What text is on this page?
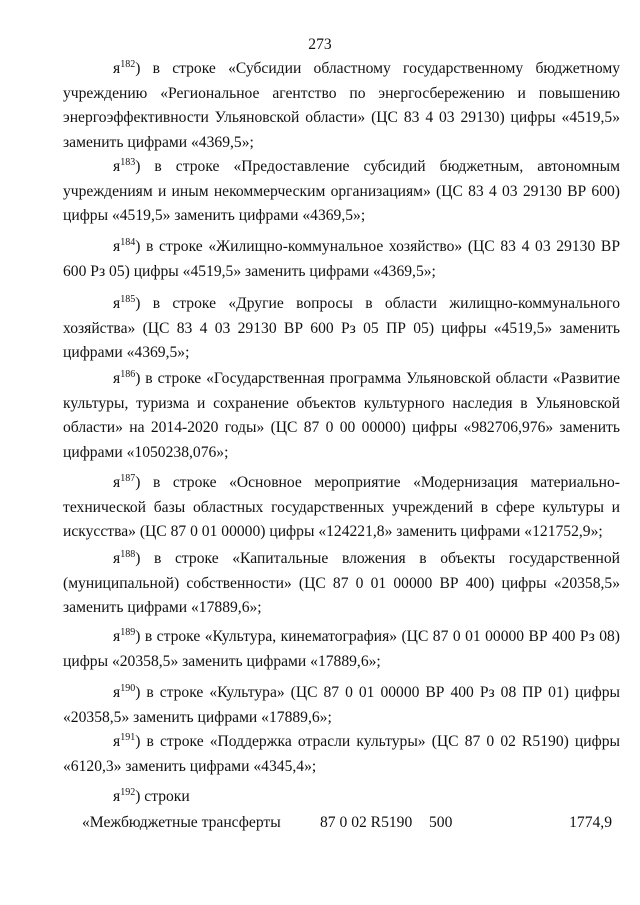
273

$я^{182}$) в строке «Субсидии областному государственному бюджетному учреждению «Региональное агентство по энергосбережению и повышению энергоэффективности Ульяновской области» (ЦС 83 4 03 29130) цифры «4519,5» заменить цифрами «4369,5»;

$я^{183}$) в строке «Предоставление субсидий бюджетным, автономным учреждениям и иным некоммерческим организациям» (ЦС 83 4 03 29130 ВР 600) цифры «4519,5» заменить цифрами «4369,5»;

$я^{184}$) в строке «Жилищно-коммунальное хозяйство» (ЦС 83 4 03 29130 ВР 600 Рз 05) цифры «4519,5» заменить цифрами «4369,5»;

$я^{185}$) в строке «Другие вопросы в области жилищно-коммунального хозяйства» (ЦС 83 4 03 29130 ВР 600 Рз 05 ПР 05) цифры «4519,5» заменить цифрами «4369,5»;

$я^{186}$) в строке «Государственная программа Ульяновской области «Развитие культуры, туризма и сохранение объектов культурного наследия в Ульяновской области» на 2014-2020 годы» (ЦС 87 0 00 00000) цифры «982706,976» заменить цифрами «1050238,076»;

$я^{187}$) в строке «Основное мероприятие «Модернизация материально-технической базы областных государственных учреждений в сфере культуры и искусства» (ЦС 87 0 01 00000) цифры «124221,8» заменить цифрами «121752,9»;

$я^{188}$) в строке «Капитальные вложения в объекты государственной (муниципальной) собственности» (ЦС 87 0 01 00000 ВР 400) цифры «20358,5» заменить цифрами «17889,6»;

$я^{189}$) в строке «Культура, кинематография» (ЦС 87 0 01 00000 ВР 400 Рз 08) цифры «20358,5» заменить цифрами «17889,6»;

$я^{190}$) в строке «Культура» (ЦС 87 0 01 00000 ВР 400 Рз 08 ПР 01) цифры «20358,5» заменить цифрами «17889,6»;

$я^{191}$) в строке «Поддержка отрасли культуры» (ЦС 87 0 02 R5190) цифры «6120,3» заменить цифрами «4345,4»;

$я^{192}$) строки

«Межбюджетные трансферты	87 0 02 R5190 500	1774,9
